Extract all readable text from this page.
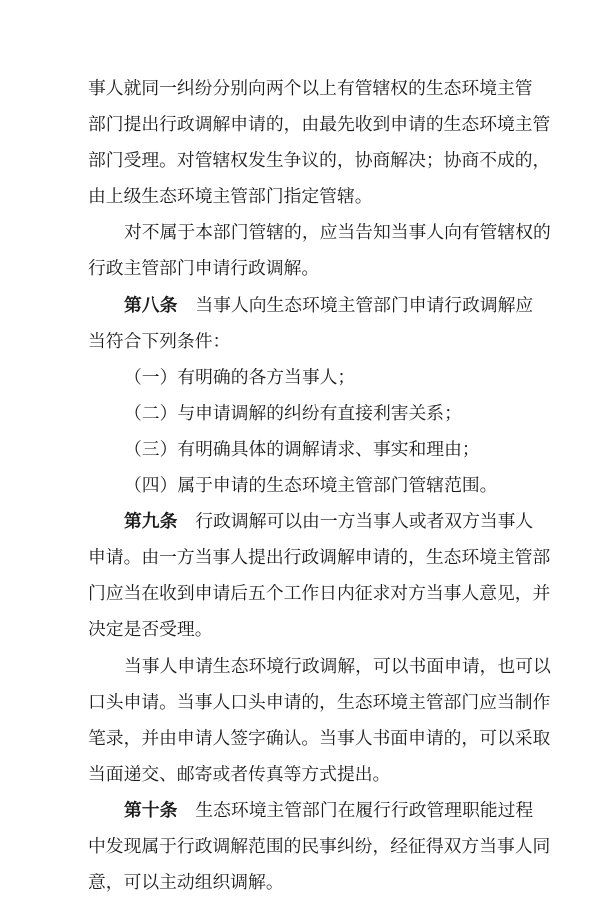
事人就同一纠纷分别向两个以上有管辖权的生态环境主管
部门提出行政调解申请的，由最先收到申请的生态环境主管
部门受理。对管辖权发生争议的，协商解决；协商不成的，
由上级生态环境主管部门指定管辖。
对不属于本部门管辖的，应当告知当事人向有管辖权的
行政主管部门申请行政调解。
第八条 当事人向生态环境主管部门申请行政调解应
当符合下列条件：
（一）有明确的各方当事人；
（二）与申请调解的纠纷有直接利害关系；
（三）有明确具体的调解请求、事实和理由；
（四）属于申请的生态环境主管部门管辖范围。
第九条 行政调解可以由一方当事人或者双方当事人
申请。由一方当事人提出行政调解申请的，生态环境主管部
门应当在收到申请后五个工作日内征求对方当事人意见，并
决定是否受理。
当事人申请生态环境行政调解，可以书面申请，也可以
口头申请。当事人口头申请的，生态环境主管部门应当制作
笔录，并由申请人签字确认。当事人书面申请的，可以采取
当面递交、邮寄或者传真等方式提出。
第十条 生态环境主管部门在履行行政管理职能过程
中发现属于行政调解范围的民事纠纷，经征得双方当事人同
意，可以主动组织调解。
